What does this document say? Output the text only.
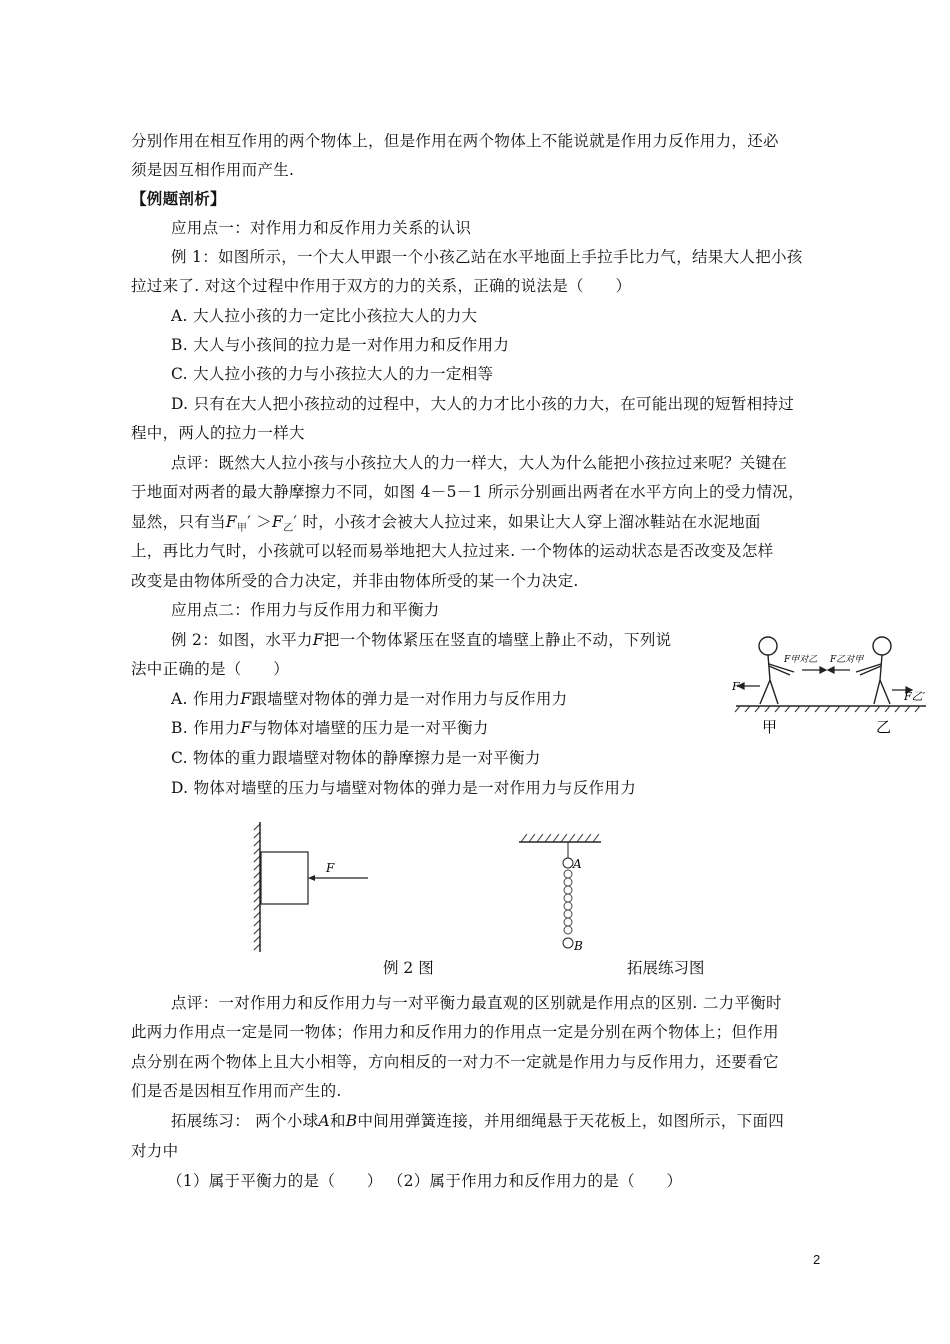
分别作用在相互作用的两个物体上，但是作用在两个物体上不能说就是作用力反作用力，还必
须是因互相作用而产生.
【例题剖析】
应用点一：对作用力和反作用力关系的认识
例 1：如图所示，一个大人甲跟一个小孩乙站在水平地面上手拉手比力气，结果大人把小孩
拉过来了. 对这个过程中作用于双方的力的关系，正确的说法是（　　）
A. 大人拉小孩的力一定比小孩拉大人的力大
B. 大人与小孩间的拉力是一对作用力和反作用力
C. 大人拉小孩的力与小孩拉大人的力一定相等
D. 只有在大人把小孩拉动的过程中，大人的力才比小孩的力大，在可能出现的短暂相持过
程中，两人的拉力一样大
点评：既然大人拉小孩与小孩拉大人的力一样大，大人为什么能把小孩拉过来呢？关键在
于地面对两者的最大静摩擦力不同，如图 4－5－1 所示分别画出两者在水平方向上的受力情况，
显然，只有当$F_甲' >F_乙'$ 时，小孩才会被大人拉过来，如果让大人穿上溜冰鞋站在水泥地面
上，再比力气时，小孩就可以轻而易举地把大人拉过来. 一个物体的运动状态是否改变及怎样
改变是由物体所受的合力决定，并非由物体所受的某一个力决定.
应用点二：作用力与反作用力和平衡力
例 2：如图，水平力F把一个物体紧压在竖直的墙壁上静止不动，下列说
法中正确的是（　　）
A. 作用力F跟墙壁对物体的弹力是一对作用力与反作用力
B. 作用力F与物体对墙壁的压力是一对平衡力
C. 物体的重力跟墙壁对物体的静摩擦力是一对平衡力
D. 物体对墙壁的压力与墙壁对物体的弹力是一对作用力与反作用力
F
F甲对乙 F乙对甲
F乙′
甲	乙
F
例 2 图
A
B
拓展练习图
点评：一对作用力和反作用力与一对平衡力最直观的区别就是作用点的区别. 二力平衡时
此两力作用点一定是同一物体；作用力和反作用力的作用点一定是分别在两个物体上；但作用
点分别在两个物体上且大小相等，方向相反的一对力不一定就是作用力与反作用力，还要看它
们是否是因相互作用而产生的.
拓展练习： 两个小球A和B中间用弹簧连接，并用细绳悬于天花板上，如图所示，下面四
对力中
（1）属于平衡力的是（　　） （2）属于作用力和反作用力的是（　　）
2
